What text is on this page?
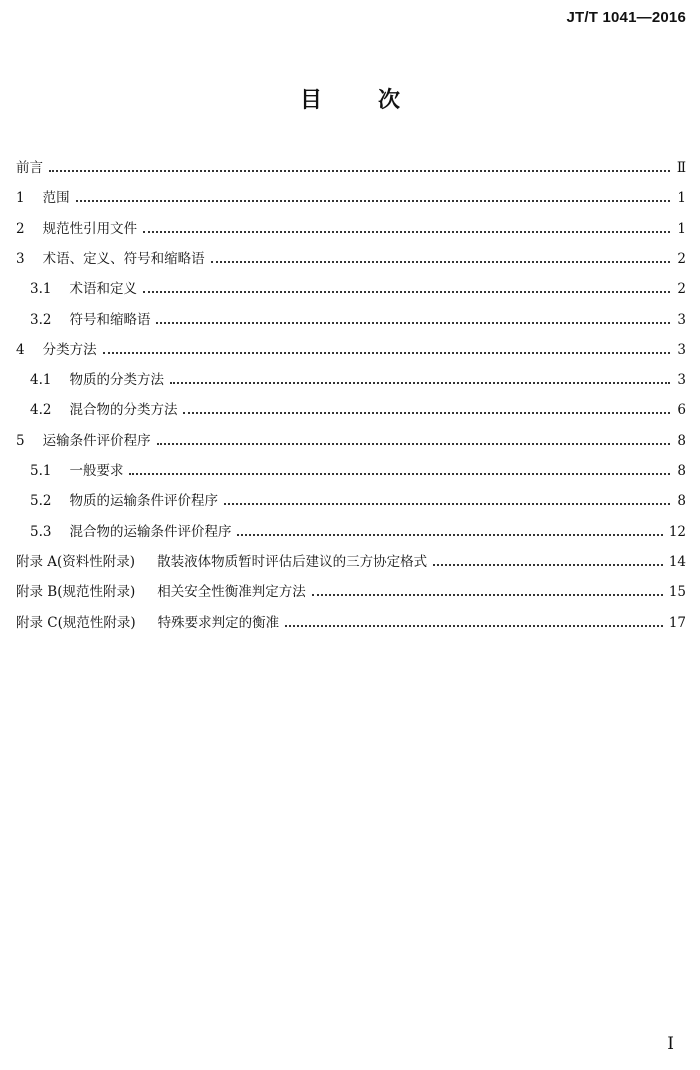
JT/T 1041—2016
目次
前言	Ⅱ
1 范围	1
2 规范性引用文件	1
3 术语、定义、符号和缩略语	2
3.1 术语和定义	2
3.2 符号和缩略语	3
4 分类方法	3
4.1 物质的分类方法	3
4.2 混合物的分类方法	6
5 运输条件评价程序	8
5.1 一般要求	8
5.2 物质的运输条件评价程序	8
5.3 混合物的运输条件评价程序	12
附录 A(资料性附录) 散装液体物质暂时评估后建议的三方协定格式	14
附录 B(规范性附录) 相关安全性衡准判定方法	15
附录 C(规范性附录) 特殊要求判定的衡准	17
I
